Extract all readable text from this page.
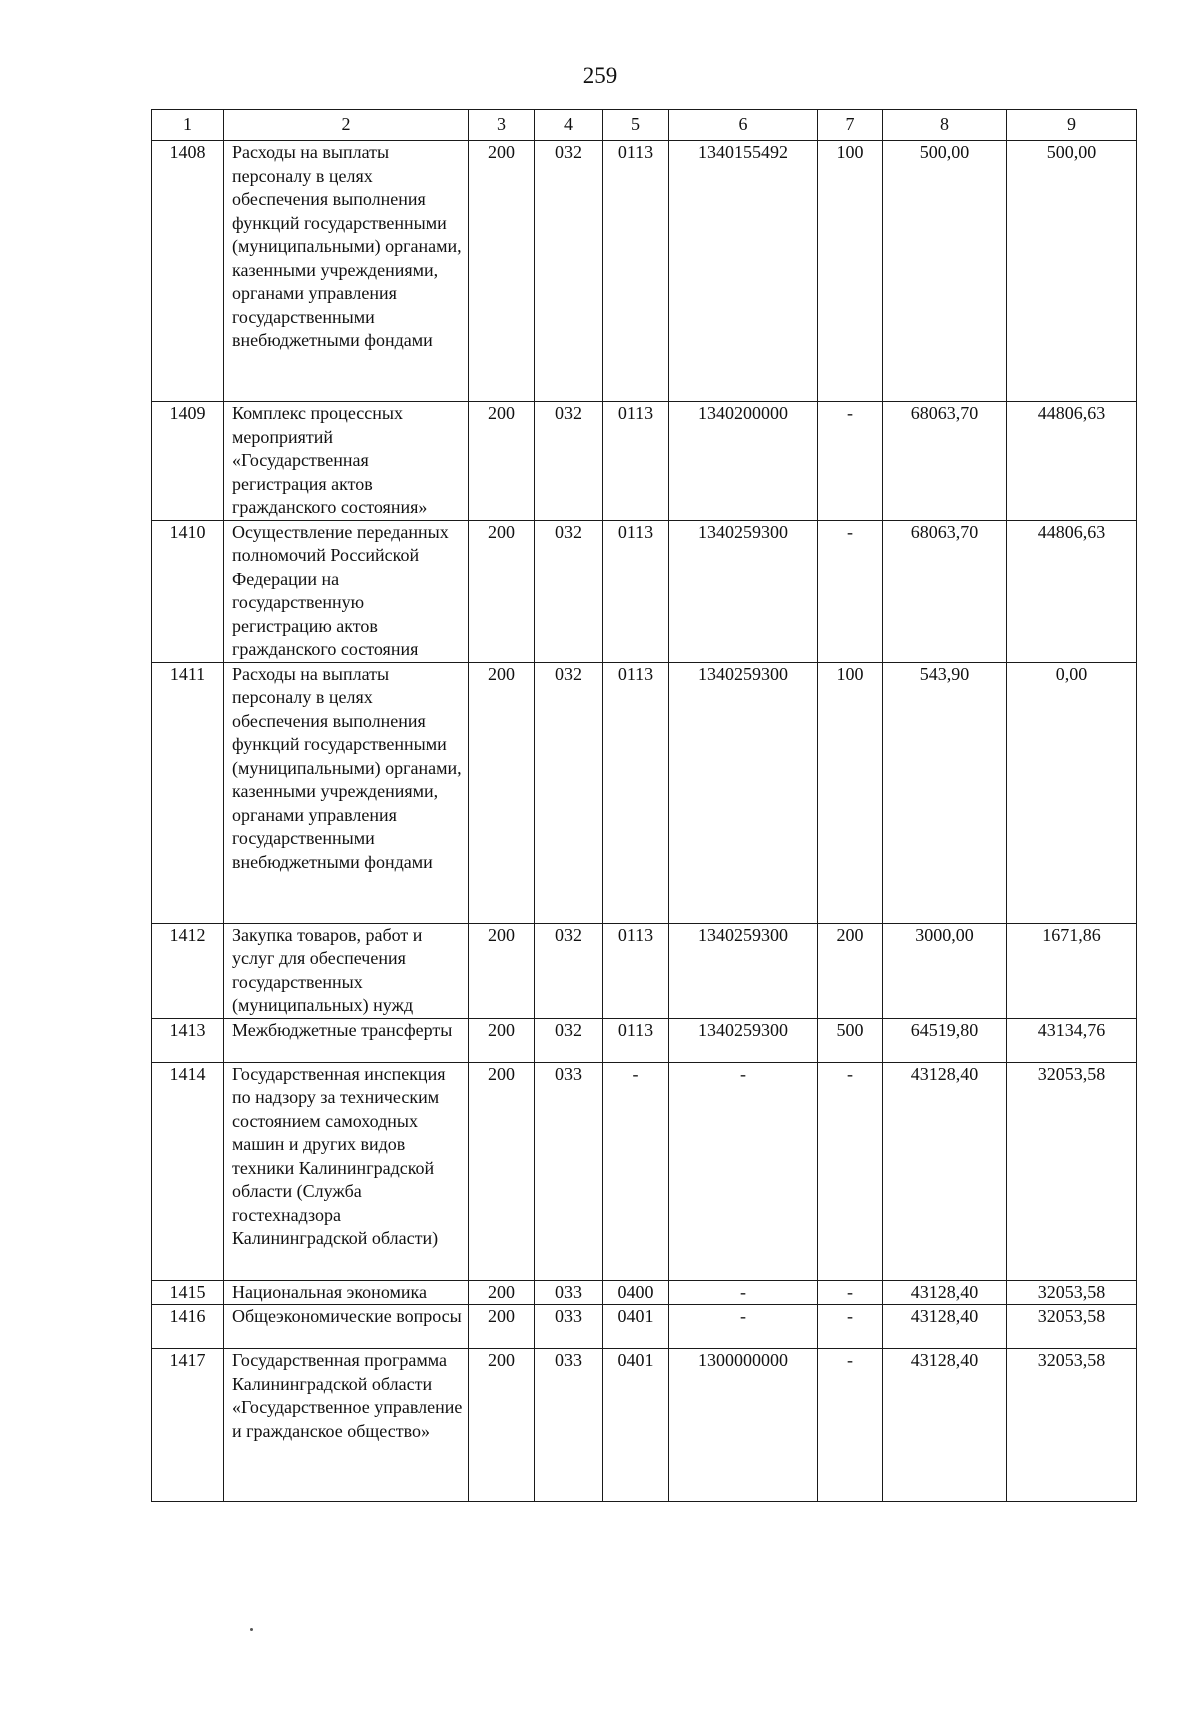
259
1	2	3	4	5	6	7	8	9
1408	Расходы на выплаты персоналу в целях обеспечения выполнения функций государственными (муниципальными) органами, казенными учреждениями, органами управления государственными внебюджетными фондами	200	032	0113	1340155492	100	500,00	500,00
1409	Комплекс процессных мероприятий «Государственная регистрация актов гражданского состояния»	200	032	0113	1340200000	-	68063,70	44806,63
1410	Осуществление переданных полномочий Российской Федерации на государственную регистрацию актов гражданского состояния	200	032	0113	1340259300	-	68063,70	44806,63
1411	Расходы на выплаты персоналу в целях обеспечения выполнения функций государственными (муниципальными) органами, казенными учреждениями, органами управления государственными внебюджетными фондами	200	032	0113	1340259300	100	543,90	0,00
1412	Закупка товаров, работ и услуг для обеспечения государственных (муниципальных) нужд	200	032	0113	1340259300	200	3000,00	1671,86
1413	Межбюджетные трансферты	200	032	0113	1340259300	500	64519,80	43134,76
1414	Государственная инспекция по надзору за техническим состоянием самоходных машин и других видов техники Калининградской области (Служба гостехнадзора Калининградской области)	200	033	-	-	-	43128,40	32053,58
1415	Национальная экономика	200	033	0400	-	-	43128,40	32053,58
1416	Общеэкономические вопросы	200	033	0401	-	-	43128,40	32053,58
1417	Государственная программа Калининградской области «Государственное управление и гражданское общество»	200	033	0401	1300000000	-	43128,40	32053,58
